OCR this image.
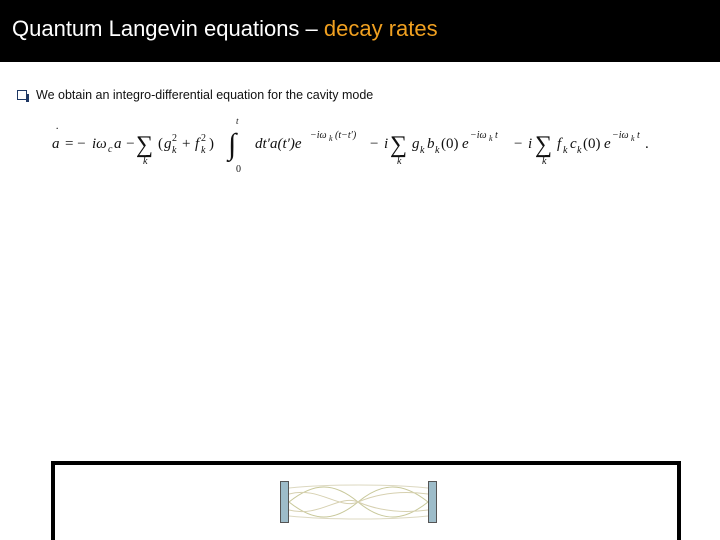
Quantum Langevin equations – decay rates
We obtain an integro-differential equation for the cavity mode
a
˙
= − iω c a − ∑
k
( g 2
k + f 2
k )
t
∫
0
dt′a(t′)e
−iω k (t−t′)
− i ∑
k
g k b k (0) e
−iω k t
− i ∑
k
f k c k (0) e
−iω k t
.
